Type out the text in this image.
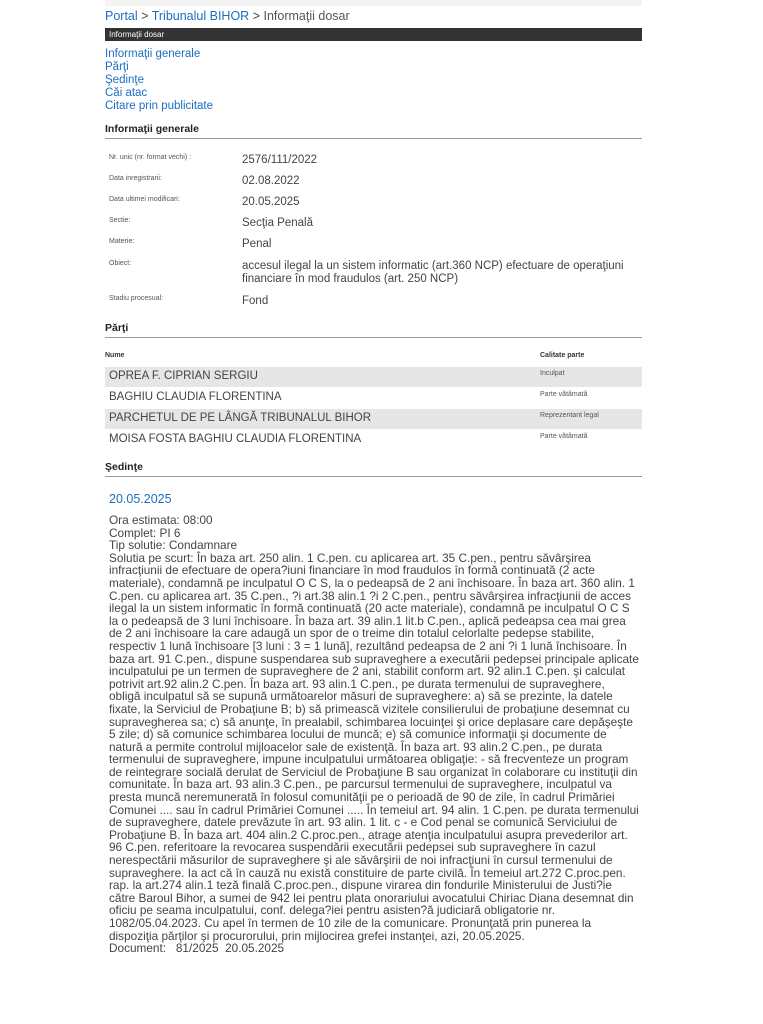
Portal > Tribunalul BIHOR > Informaţii dosar
Informaţii dosar
Informaţii generale
Părţi
Şedinţe
Căi atac
Citare prin publicitate
Informaţii generale
Nr. unic (nr. format vechi) :	2576/111/2022
Data inregistrarii:	02.08.2022
Data ultimei modificari:	20.05.2025
Sectie:	Secţia Penală
Materie:	Penal
Obiect:	accesul ilegal la un sistem informatic (art.360 NCP) efectuare de operaţiuni financiare în mod fraudulos (art. 250 NCP)
Stadiu procesual:	Fond
Părţi
Nume	Calitate parte
OPREA F. CIPRIAN SERGIU	Inculpat
BAGHIU CLAUDIA FLORENTINA	Parte vătămată
PARCHETUL DE PE LÂNGĂ TRIBUNALUL BIHOR	Reprezentant legal
MOISA FOSTA BAGHIU CLAUDIA FLORENTINA	Parte vătămată
Şedinţe
20.05.2025
Ora estimata: 08:00
Complet: PI 6
Tip solutie: Condamnare
Solutia pe scurt: În baza art. 250 alin. 1 C.pen. cu aplicarea art. 35 C.pen., pentru săvârşirea infracţiunii de efectuare de opera?iuni financiare în mod fraudulos în formă continuată (2 acte materiale), condamnă pe inculpatul O C S, la o pedeapsă de 2 ani închisoare. În baza art. 360 alin. 1 C.pen. cu aplicarea art. 35 C.pen., ?i art.38 alin.1 ?i 2 C.pen., pentru săvârşirea infracţiunii de acces ilegal la un sistem informatic în formă continuată (20 acte materiale), condamnă pe inculpatul O C S la o pedeapsă de 3 luni închisoare. În baza art. 39 alin.1 lit.b C.pen., aplică pedeapsa cea mai grea de 2 ani închisoare la care adaugă un spor de o treime din totalul celorlalte pedepse stabilite, respectiv 1 lună închisoare [3 luni : 3 = 1 lună], rezultând pedeapsa de 2 ani ?i 1 lună închisoare. În baza art. 91 C.pen., dispune suspendarea sub supraveghere a executării pedepsei principale aplicate inculpatului pe un termen de supraveghere de 2 ani, stabilit conform art. 92 alin.1 C.pen. şi calculat potrivit art.92 alin.2 C.pen. În baza art. 93 alin.1 C.pen., pe durata termenului de supraveghere, obligă inculpatul să se supună următoarelor măsuri de supraveghere: a) să se prezinte, la datele fixate, la Serviciul de Probaţiune B; b) să primească vizitele consilierului de probaţiune desemnat cu supravegherea sa; c) să anunţe, în prealabil, schimbarea locuinţei şi orice deplasare care depăşeşte 5 zile; d) să comunice schimbarea locului de muncă; e) să comunice informaţii şi documente de natură a permite controlul mijloacelor sale de existenţă. În baza art. 93 alin.2 C.pen., pe durata termenului de supraveghere, impune inculpatului următoarea obligaţie: - să frecventeze un program de reintegrare socială derulat de Serviciul de Probaţiune B sau organizat în colaborare cu instituţii din comunitate. În baza art. 93 alin.3 C.pen., pe parcursul termenului de supraveghere, inculpatul va presta muncă neremunerată în folosul comunităţii pe o perioadă de 90 de zile, în cadrul Primăriei Comunei .... sau în cadrul Primăriei Comunei ..... În temeiul art. 94 alin. 1 C.pen. pe durata termenului de supraveghere, datele prevăzute în art. 93 alin. 1 lit. c - e Cod penal se comunică Serviciului de Probaţiune B. În baza art. 404 alin.2 C.proc.pen., atrage atenţia inculpatului asupra prevederilor art. 96 C.pen. referitoare la revocarea suspendării executării pedepsei sub supraveghere în cazul nerespectării măsurilor de supraveghere şi ale săvârşirii de noi infracţiuni în cursul termenului de supraveghere. Ia act că în cauză nu există constituire de parte civilă. În temeiul art.272 C.proc.pen. rap. la art.274 alin.1 teză finală C.proc.pen., dispune virarea din fondurile Ministerului de Justi?ie către Baroul Bihor, a sumei de 942 lei pentru plata onorariului avocatului Chiriac Diana desemnat din oficiu pe seama inculpatului, conf. delega?iei pentru asisten?ă judiciară obligatorie nr. 1082/05.04.2023. Cu apel în termen de 10 zile de la comunicare. Pronunţată prin punerea la dispoziţia părţilor şi procurorului, prin mijlocirea grefei instanţei, azi, 20.05.2025.
Document:   81/2025  20.05.2025
